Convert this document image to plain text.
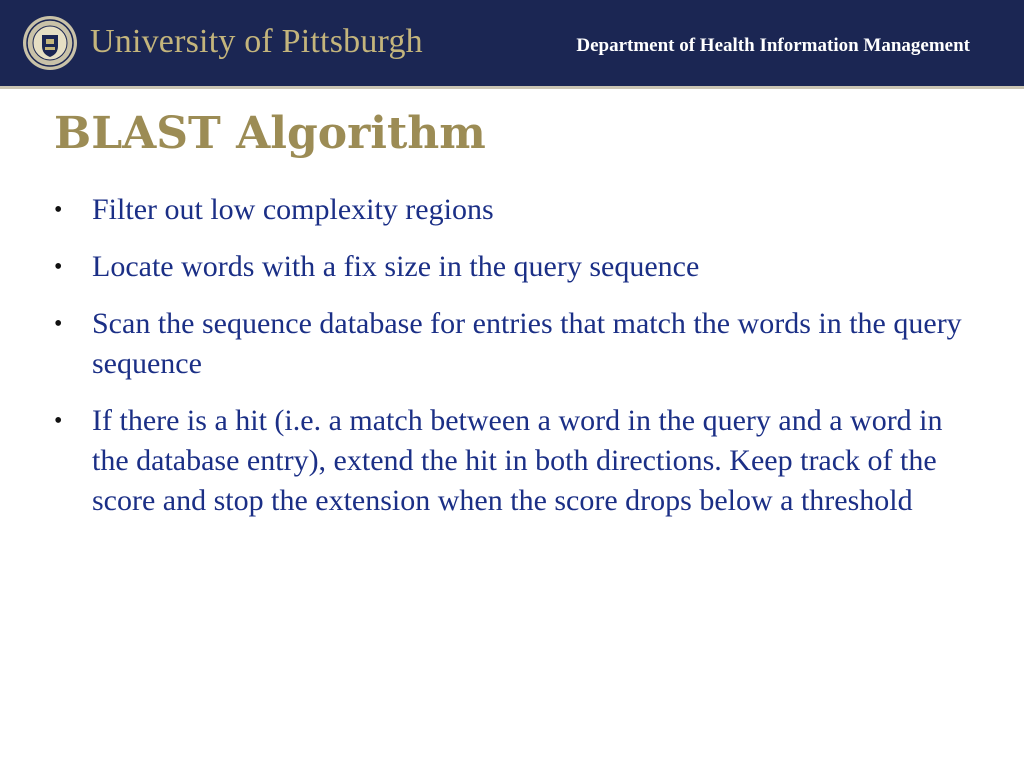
University of Pittsburgh	Department of Health Information Management
BLAST Algorithm
• Filter out low complexity regions
• Locate words with a fix size in the query sequence
• Scan the sequence database for entries that match the words in the query sequence
• If there is a hit (i.e. a match between a word in the query and a word in the database entry), extend the hit in both directions. Keep track of the score and stop the extension when the score drops below a threshold
